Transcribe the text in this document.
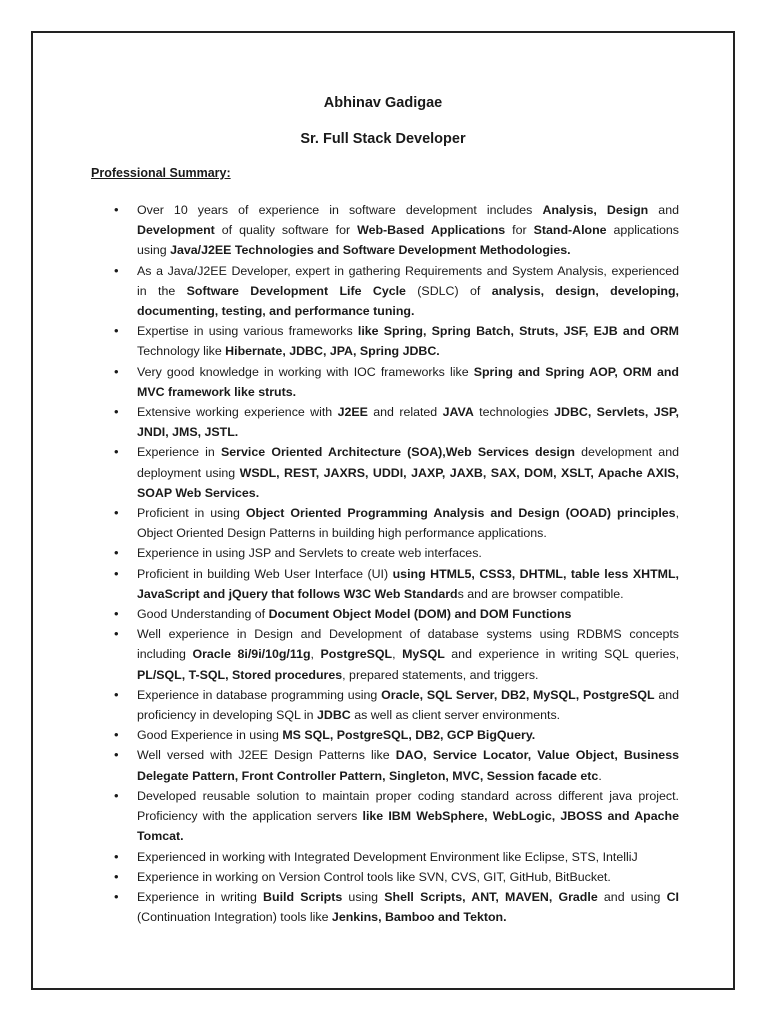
Abhinav Gadigae
Sr. Full Stack Developer
Professional Summary:
• Over 10 years of experience in software development includes Analysis, Design and Development of quality software for Web-Based Applications for Stand-Alone applications using Java/J2EE Technologies and Software Development Methodologies.
• As a Java/J2EE Developer, expert in gathering Requirements and System Analysis, experienced in the Software Development Life Cycle (SDLC) of analysis, design, developing, documenting, testing, and performance tuning.
• Expertise in using various frameworks like Spring, Spring Batch, Struts, JSF, EJB and ORM Technology like Hibernate, JDBC, JPA, Spring JDBC.
• Very good knowledge in working with IOC frameworks like Spring and Spring AOP, ORM and MVC framework like struts.
• Extensive working experience with J2EE and related JAVA technologies JDBC, Servlets, JSP, JNDI, JMS, JSTL.
• Experience in Service Oriented Architecture (SOA),Web Services design development and deployment using WSDL, REST, JAXRS, UDDI, JAXP, JAXB, SAX, DOM, XSLT, Apache AXIS, SOAP Web Services.
• Proficient in using Object Oriented Programming Analysis and Design (OOAD) principles, Object Oriented Design Patterns in building high performance applications.
• Experience in using JSP and Servlets to create web interfaces.
• Proficient in building Web User Interface (UI) using HTML5, CSS3, DHTML, table less XHTML, JavaScript and jQuery that follows W3C Web Standards and are browser compatible.
• Good Understanding of Document Object Model (DOM) and DOM Functions
• Well experience in Design and Development of database systems using RDBMS concepts including Oracle 8i/9i/10g/11g, PostgreSQL, MySQL and experience in writing SQL queries, PL/SQL, T-SQL, Stored procedures, prepared statements, and triggers.
• Experience in database programming using Oracle, SQL Server, DB2, MySQL, PostgreSQL and proficiency in developing SQL in JDBC as well as client server environments.
• Good Experience in using MS SQL, PostgreSQL, DB2, GCP BigQuery.
• Well versed with J2EE Design Patterns like DAO, Service Locator, Value Object, Business Delegate Pattern, Front Controller Pattern, Singleton, MVC, Session facade etc.
• Developed reusable solution to maintain proper coding standard across different java project. Proficiency with the application servers like IBM WebSphere, WebLogic, JBOSS and Apache Tomcat.
• Experienced in working with Integrated Development Environment like Eclipse, STS, IntelliJ
• Experience in working on Version Control tools like SVN, CVS, GIT, GitHub, BitBucket.
• Experience in writing Build Scripts using Shell Scripts, ANT, MAVEN, Gradle and using CI (Continuation Integration) tools like Jenkins, Bamboo and Tekton.
